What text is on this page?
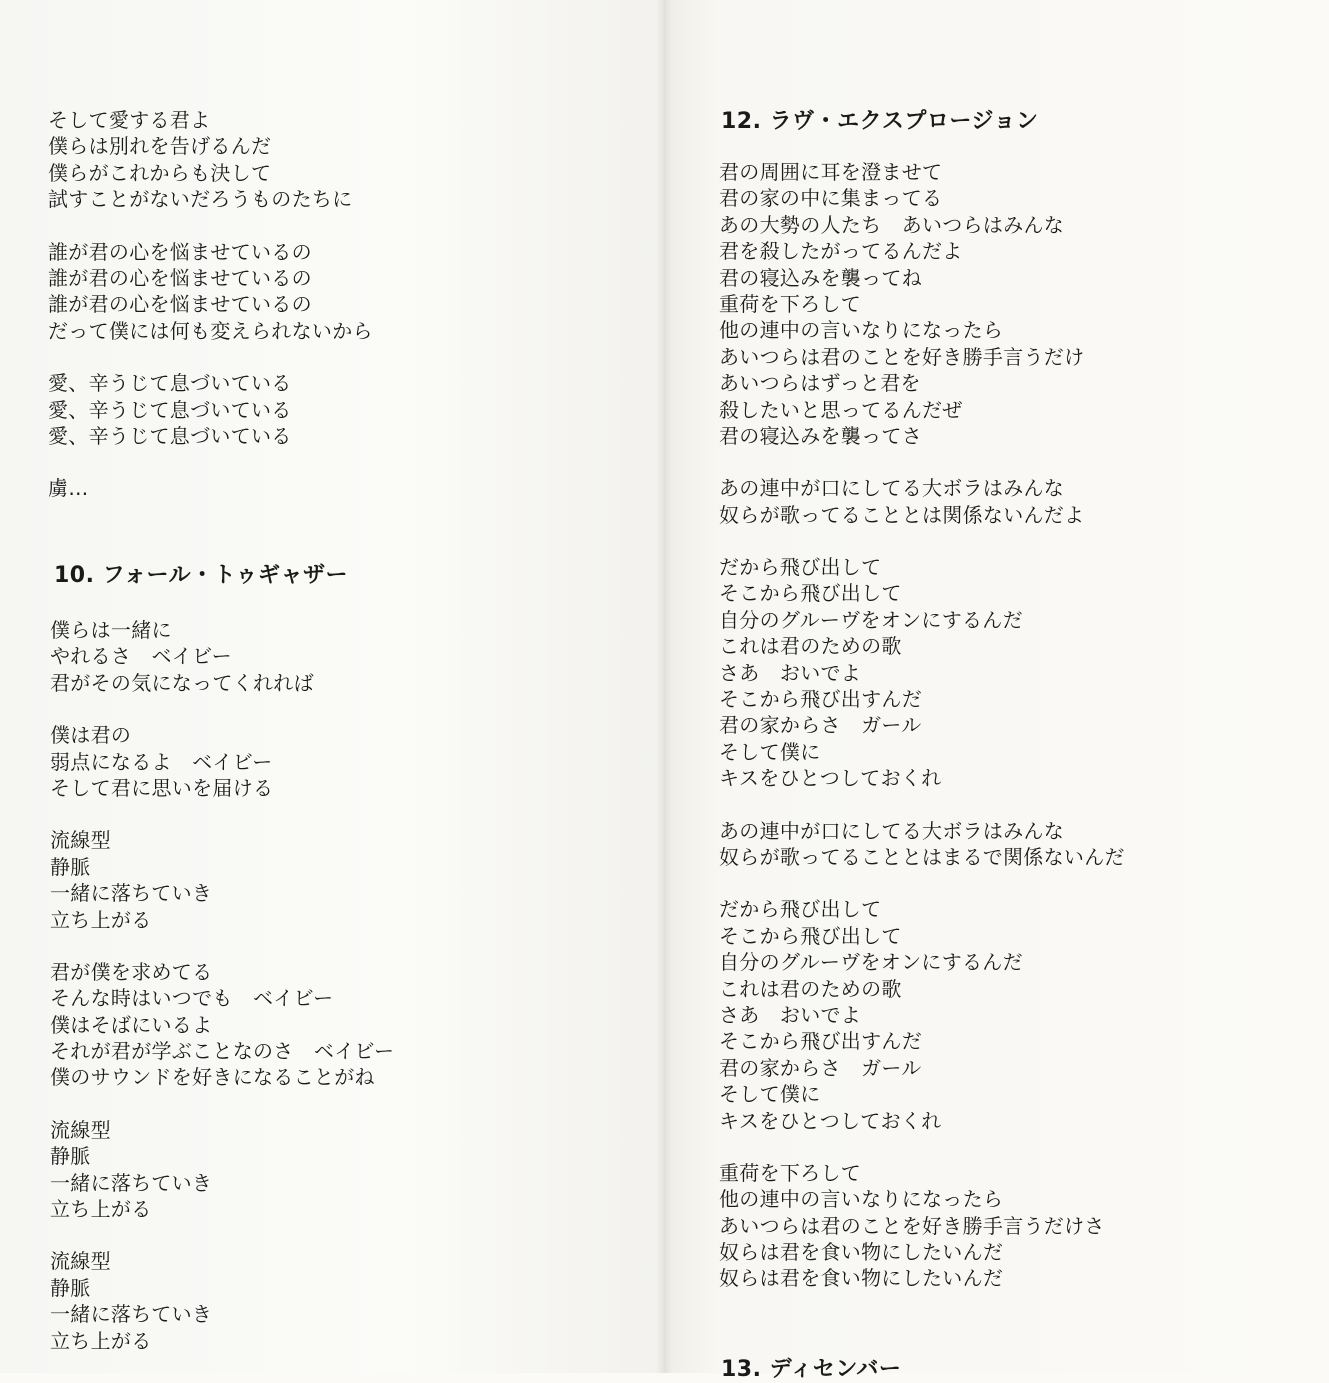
そして愛する君よ
僕らは別れを告げるんだ
僕らがこれからも決して
試すことがないだろうものたちに
誰が君の心を悩ませているの
誰が君の心を悩ませているの
誰が君の心を悩ませているの
だって僕には何も変えられないから
愛、辛うじて息づいている
愛、辛うじて息づいている
愛、辛うじて息づいている
虜…
10. フォール・トゥギャザー
僕らは一緒に
やれるさ　ベイビー
君がその気になってくれれば
僕は君の
弱点になるよ　ベイビー
そして君に思いを届ける
流線型
静脈
一緒に落ちていき
立ち上がる
君が僕を求めてる
そんな時はいつでも　ベイビー
僕はそばにいるよ
それが君が学ぶことなのさ　ベイビー
僕のサウンドを好きになることがね
流線型
静脈
一緒に落ちていき
立ち上がる
流線型
静脈
一緒に落ちていき
立ち上がる
12. ラヴ・エクスプロージョン
君の周囲に耳を澄ませて
君の家の中に集まってる
あの大勢の人たち　あいつらはみんな
君を殺したがってるんだよ
君の寝込みを襲ってね
重荷を下ろして
他の連中の言いなりになったら
あいつらは君のことを好き勝手言うだけ
あいつらはずっと君を
殺したいと思ってるんだぜ
君の寝込みを襲ってさ
あの連中が口にしてる大ボラはみんな
奴らが歌ってることとは関係ないんだよ
だから飛び出して
そこから飛び出して
自分のグルーヴをオンにするんだ
これは君のための歌
さあ　おいでよ
そこから飛び出すんだ
君の家からさ　ガール
そして僕に
キスをひとつしておくれ
あの連中が口にしてる大ボラはみんな
奴らが歌ってることとはまるで関係ないんだ
だから飛び出して
そこから飛び出して
自分のグルーヴをオンにするんだ
これは君のための歌
さあ　おいでよ
そこから飛び出すんだ
君の家からさ　ガール
そして僕に
キスをひとつしておくれ
重荷を下ろして
他の連中の言いなりになったら
あいつらは君のことを好き勝手言うだけさ
奴らは君を食い物にしたいんだ
奴らは君を食い物にしたいんだ
13. ディセンバー
